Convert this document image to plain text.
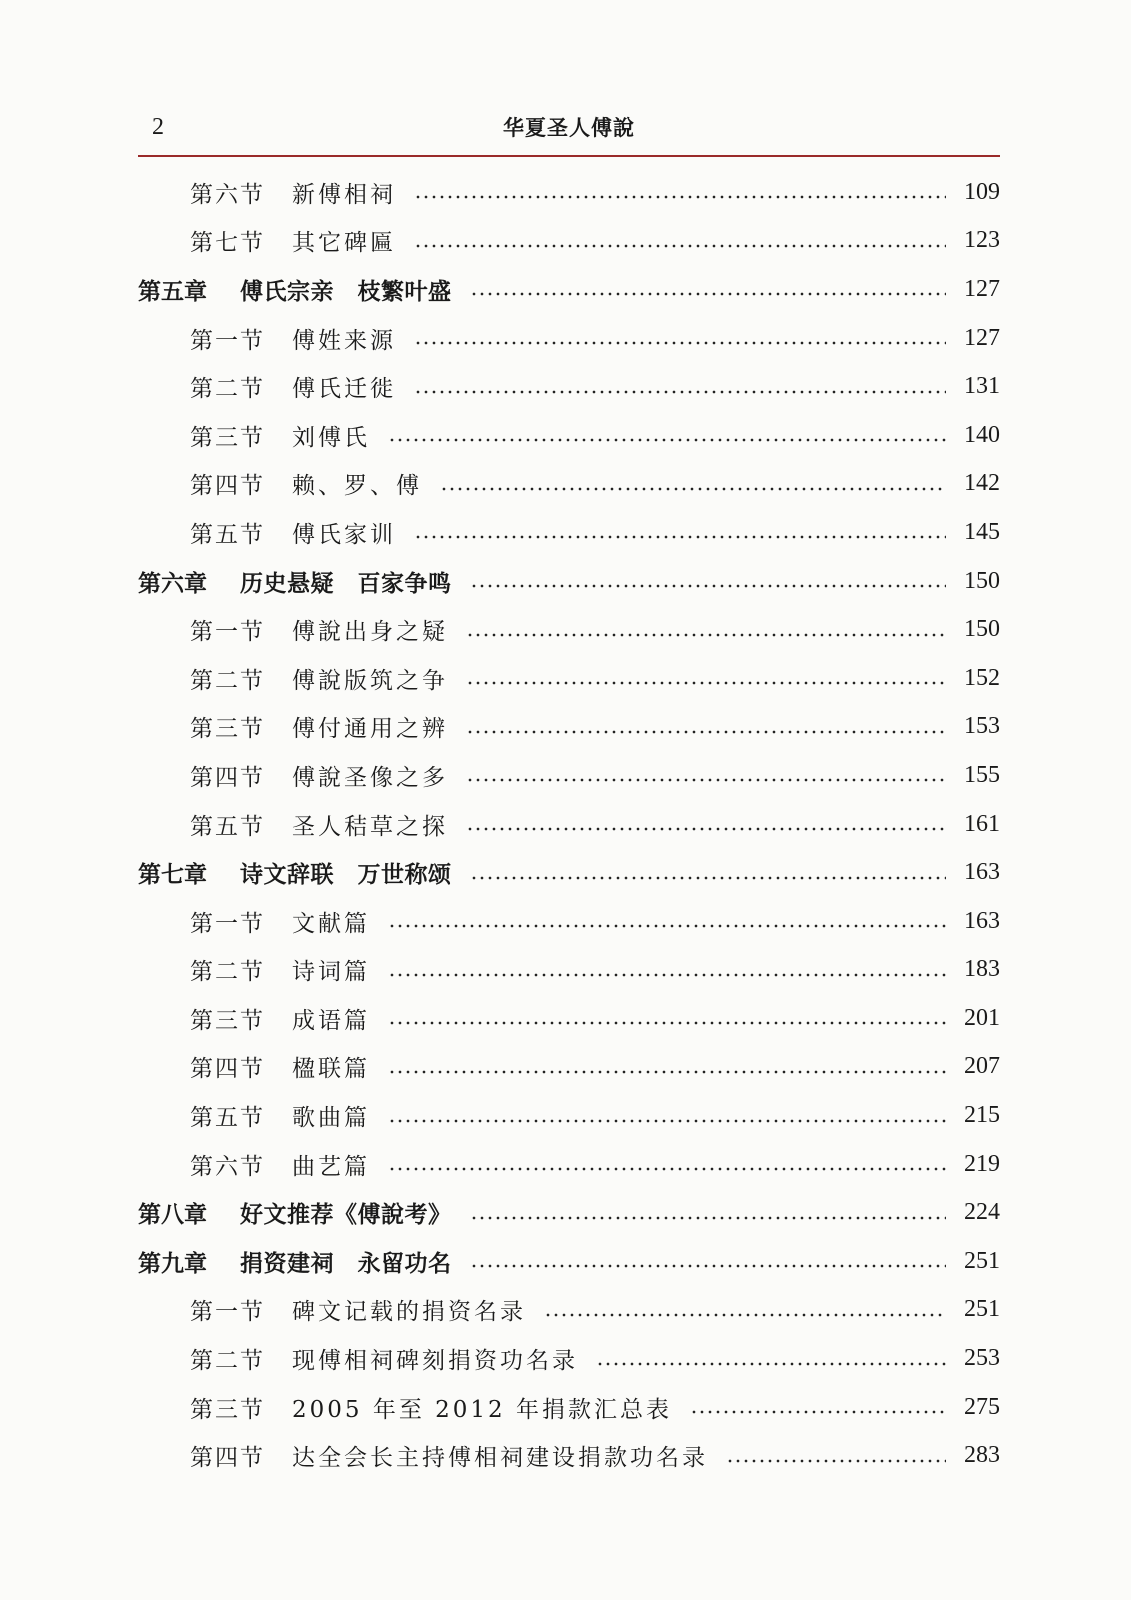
2	华夏圣人傅說
第六节 新傅相祠	109
第七节 其它碑匾	123
第五章 傅氏宗亲　枝繁叶盛	127
第一节 傅姓来源	127
第二节 傅氏迁徙	131
第三节 刘傅氏	140
第四节 赖、罗、傅	142
第五节 傅氏家训	145
第六章 历史悬疑　百家争鸣	150
第一节 傅說出身之疑	150
第二节 傅說版筑之争	152
第三节 傅付通用之辨	153
第四节 傅說圣像之多	155
第五节 圣人秸草之探	161
第七章 诗文辞联　万世称颂	163
第一节 文献篇	163
第二节 诗词篇	183
第三节 成语篇	201
第四节 楹联篇	207
第五节 歌曲篇	215
第六节 曲艺篇	219
第八章 好文推荐《傅說考》	224
第九章 捐资建祠　永留功名	251
第一节 碑文记载的捐资名录	251
第二节 现傅相祠碑刻捐资功名录	253
第三节 2005 年至 2012 年捐款汇总表	275
第四节 达全会长主持傅相祠建设捐款功名录	283
